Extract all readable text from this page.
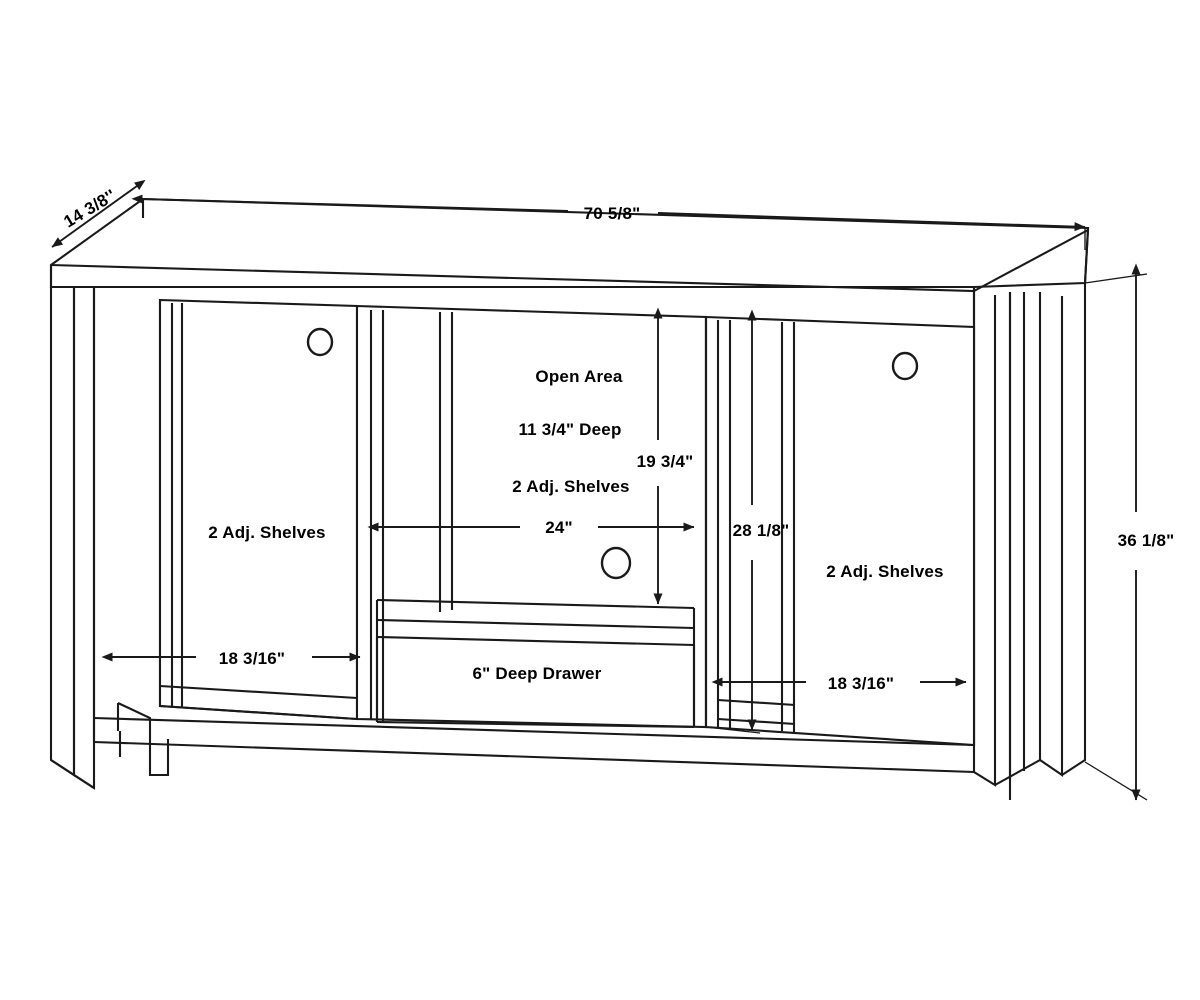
70 5/8"
14 3/8''
36 1/8"
19 3/4"
24"	28 1/8"
18 3/16"
18 3/16"
Open Area
11 3/4" Deep
2 Adj. Shelves
2 Adj. Shelves
2 Adj. Shelves
6" Deep Drawer
